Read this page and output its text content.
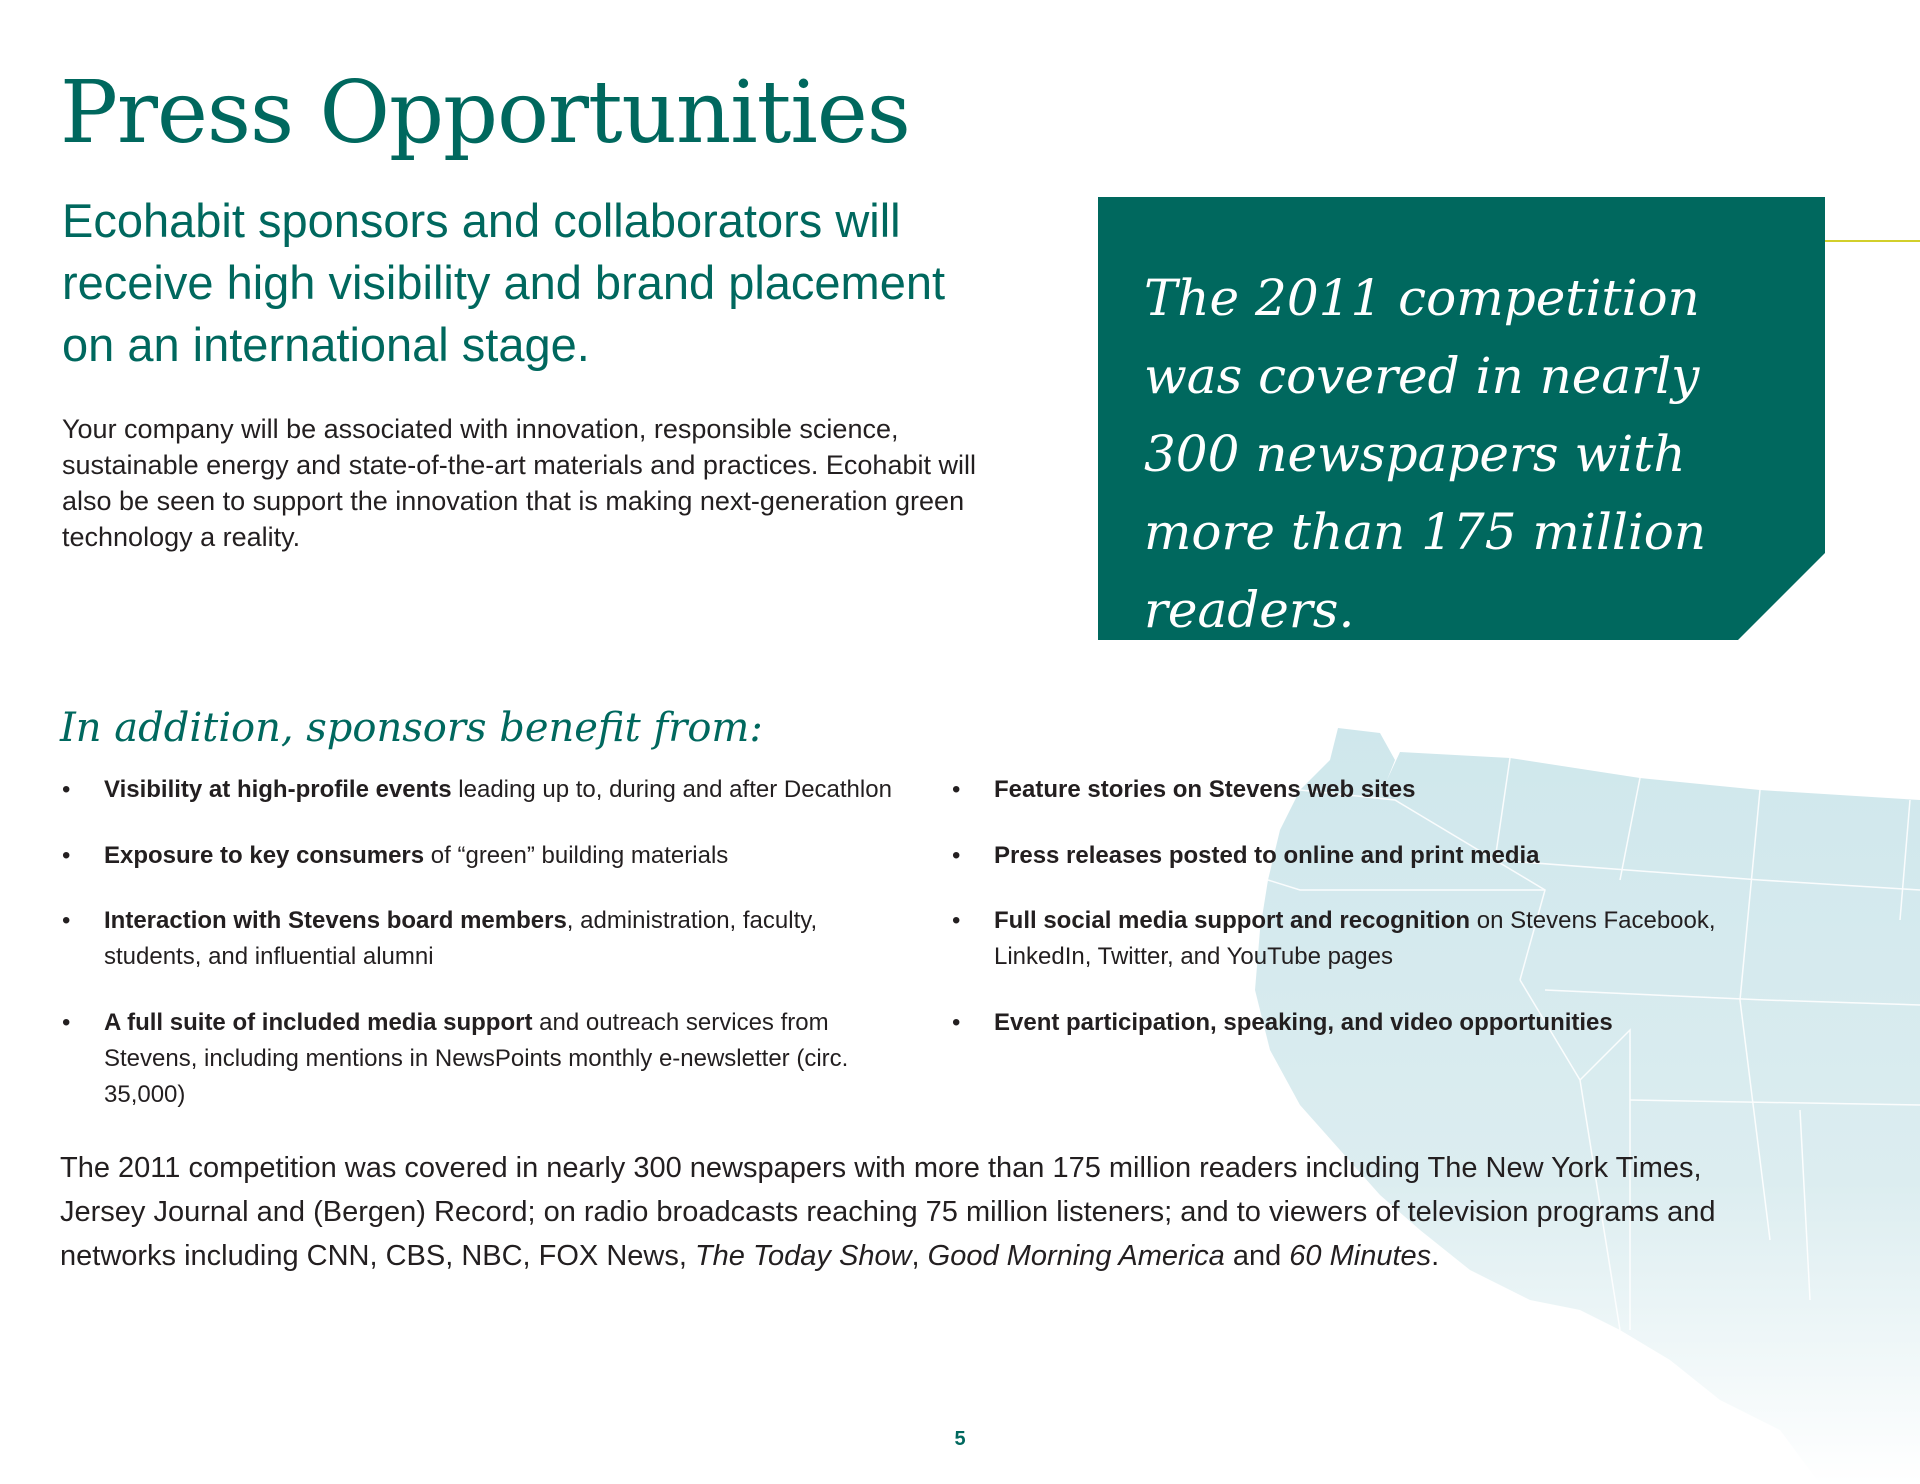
Press Opportunities
Ecohabit sponsors and collaborators will receive high visibility and brand placement on an international stage.

Your company will be associated with innovation, responsible science, sustainable energy and state-of-the-art materials and practices. Ecohabit will also be seen to support the innovation that is making next-generation green technology a reality.

The 2011 competition was covered in nearly 300 newspapers with more than 175 million readers.

In addition, sponsors benefit from:
• Visibility at high-profile events leading up to, during and after Decathlon
• Exposure to key consumers of “green” building materials
• Interaction with Stevens board members, administration, faculty, students, and influential alumni
• A full suite of included media support and outreach services from Stevens, including mentions in NewsPoints monthly e-newsletter (circ. 35,000)
• Feature stories on Stevens web sites
• Press releases posted to online and print media
• Full social media support and recognition on Stevens Facebook, LinkedIn, Twitter, and YouTube pages
• Event participation, speaking, and video opportunities

The 2011 competition was covered in nearly 300 newspapers with more than 175 million readers including The New York Times, Jersey Journal and (Bergen) Record; on radio broadcasts reaching 75 million listeners; and to viewers of television programs and networks including CNN, CBS, NBC, FOX News, The Today Show, Good Morning America and 60 Minutes.

5
